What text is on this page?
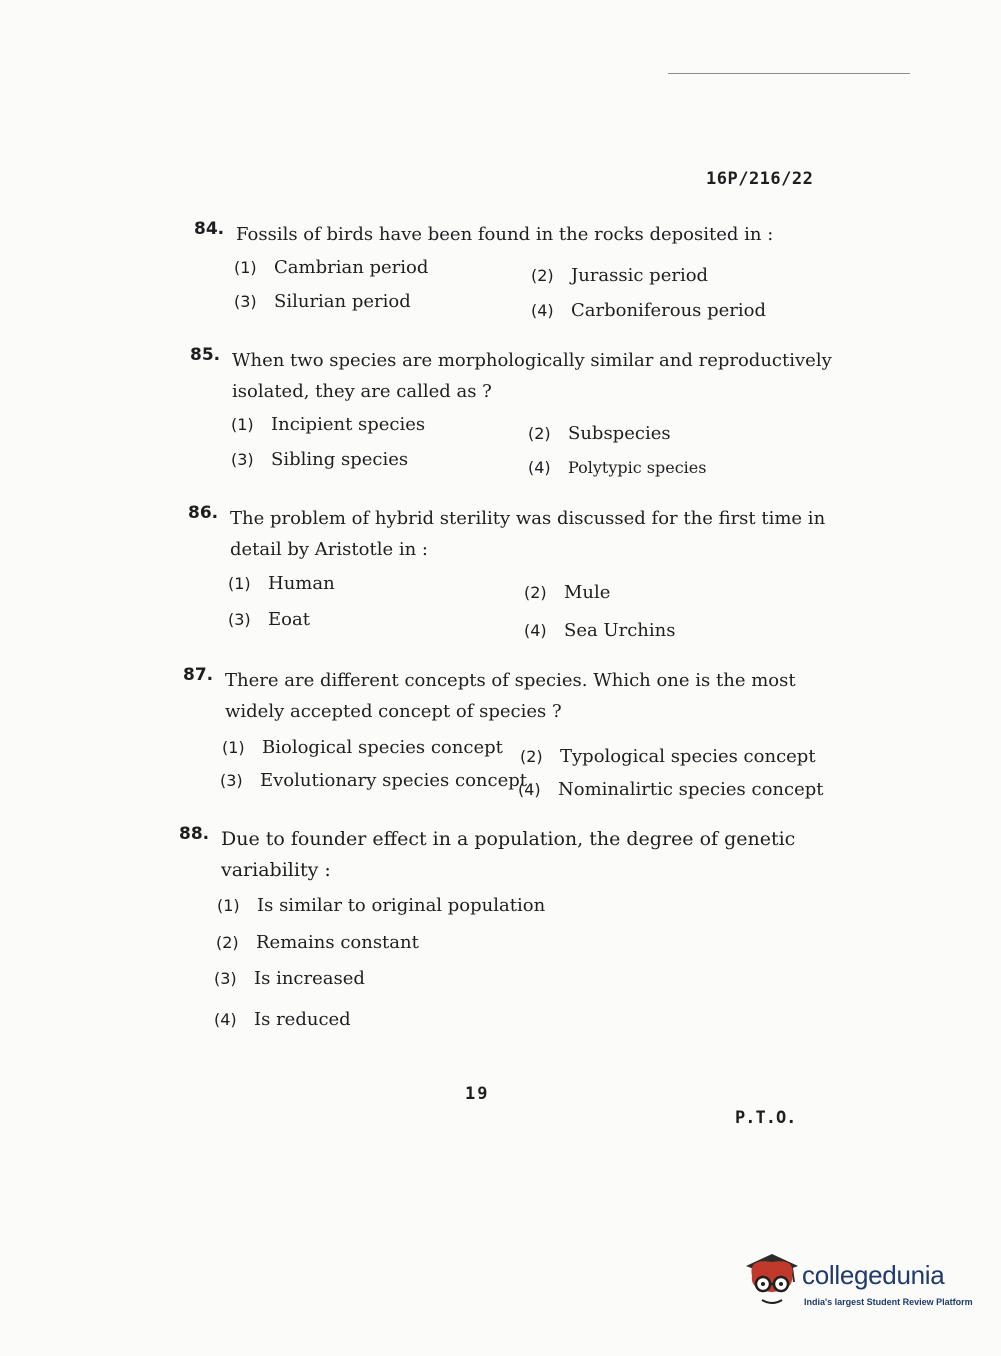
16P/216/22
84. Fossils of birds have been found in the rocks deposited in :
(1) Cambrian period	(2) Jurassic period
(3) Silurian period	(4) Carboniferous period
85. When two species are morphologically similar and reproductively isolated, they are called as ?
(1) Incipient species	(2) Subspecies
(3) Sibling species	(4) Polytypic species
86. The problem of hybrid sterility was discussed for the first time in detail by Aristotle in :
(1) Human	(2) Mule
(3) Eoat
(4) Sea Urchins
87. There are different concepts of species. Which one is the most widely accepted concept of species ?
(1) Biological species concept (2) Typological species concept
(3) Evolutionary species concept
(4) Nominalirtic species concept
88. Due to founder effect in a population, the degree of genetic variability :
(1) Is similar to original population
(2) Remains constant
(3) Is increased
(4) Is reduced
19
P.T.O.
collegedunia
India's largest Student Review Platform
